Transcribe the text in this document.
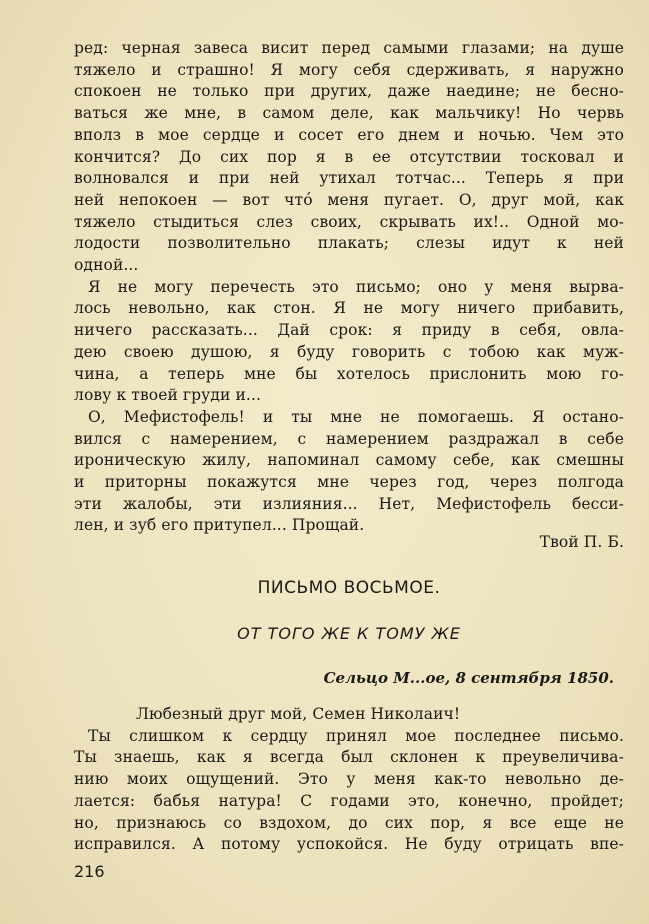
ред: черная завеса висит перед самыми глазами; на душе
тяжело и страшно! Я могу себя сдерживать, я наружно
спокоен не только при других, даже наедине; не бесно-
ваться же мне, в самом деле, как мальчику! Но червь
вполз в мое сердце и сосет его днем и ночью. Чем это
кончится? До сих пор я в ее отсутствии тосковал и
волновался и при ней утихал тотчас... Теперь я при
ней непокоен — вот чтó меня пугает. О, друг мой, как
тяжело стыдиться слез своих, скрывать их!.. Одной мо-
лодости позволительно плакать; слезы идут к ней
одной...
Я не могу перечесть это письмо; оно у меня вырва-
лось невольно, как стон. Я не могу ничего прибавить,
ничего рассказать... Дай срок: я приду в себя, овла-
дею своею душою, я буду говорить с тобою как муж-
чина, а теперь мне бы хотелось прислонить мою го-
лову к твоей груди и...
О, Мефистофель! и ты мне не помогаешь. Я остано-
вился с намерением, с намерением раздражал в себе
ироническую жилу, напоминал самому себе, как смешны
и приторны покажутся мне через год, через полгода
эти жалобы, эти излияния... Нет, Мефистофель бесси-
лен, и зуб его притупел... Прощай.
Твой П. Б.
ПИСЬМО ВОСЬМОЕ.
ОТ ТОГО ЖЕ К ТОМУ ЖЕ
Сельцо М...ое, 8 сентября 1850.
Любезный друг мой, Семен Николаич!
Ты слишком к сердцу принял мое последнее письмо.
Ты знаешь, как я всегда был склонен к преувеличива-
нию моих ощущений. Это у меня как-то невольно де-
лается: бабья натура! С годами это, конечно, пройдет;
но, признаюсь со вздохом, до сих пор, я все еще не
исправился. А потому успокойся. Не буду отрицать впе-
216
